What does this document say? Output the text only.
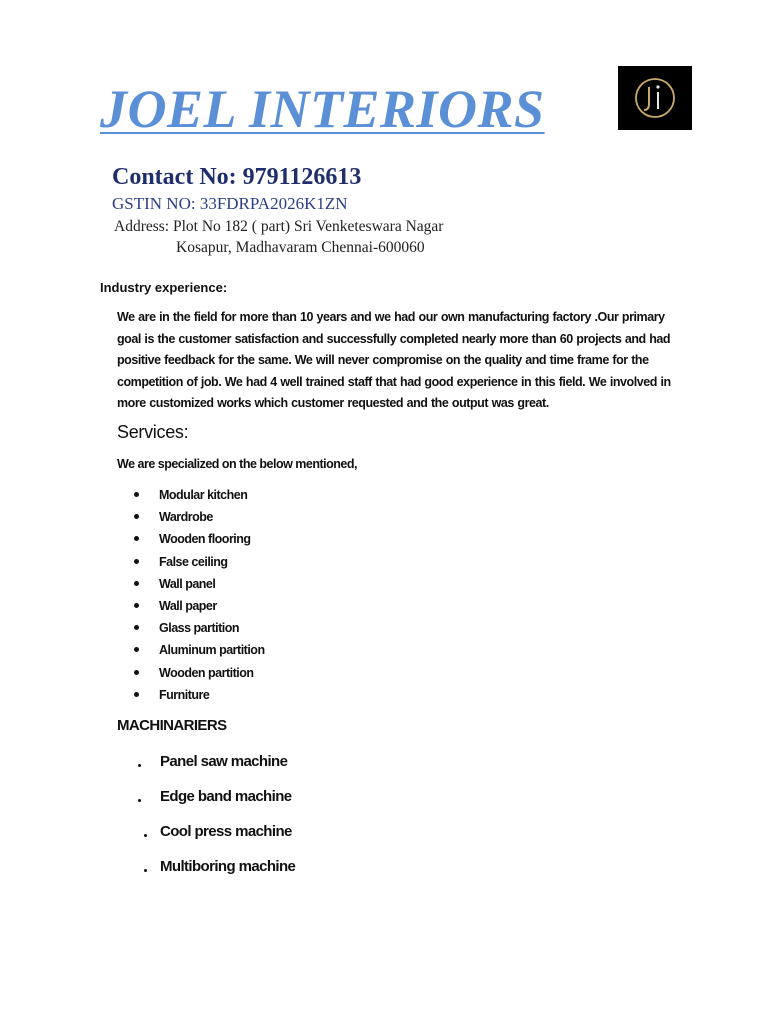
JOEL INTERIORS
Contact No: 9791126613
GSTIN NO: 33FDRPA2026K1ZN
Address: Plot No 182 ( part) Sri Venketeswara Nagar
Kosapur, Madhavaram Chennai-600060
Industry experience:

We are in the field for more than 10 years and we had our own manufacturing factory .Our primary goal is the customer satisfaction and successfully completed nearly more than 60 projects and had positive feedback for the same. We will never compromise on the quality and time frame for the competition of job. We had 4 well trained staff that had good experience in this field. We involved in more customized works which customer requested and the output was great.

Services:
We are specialized on the below mentioned,
Modular kitchen
Wardrobe
Wooden flooring
False ceiling
Wall panel
Wall paper
Glass partition
Aluminum partition
Wooden partition
Furniture
MACHINARIERS
Panel saw machine
Edge band machine
Cool press machine
Multiboring machine
